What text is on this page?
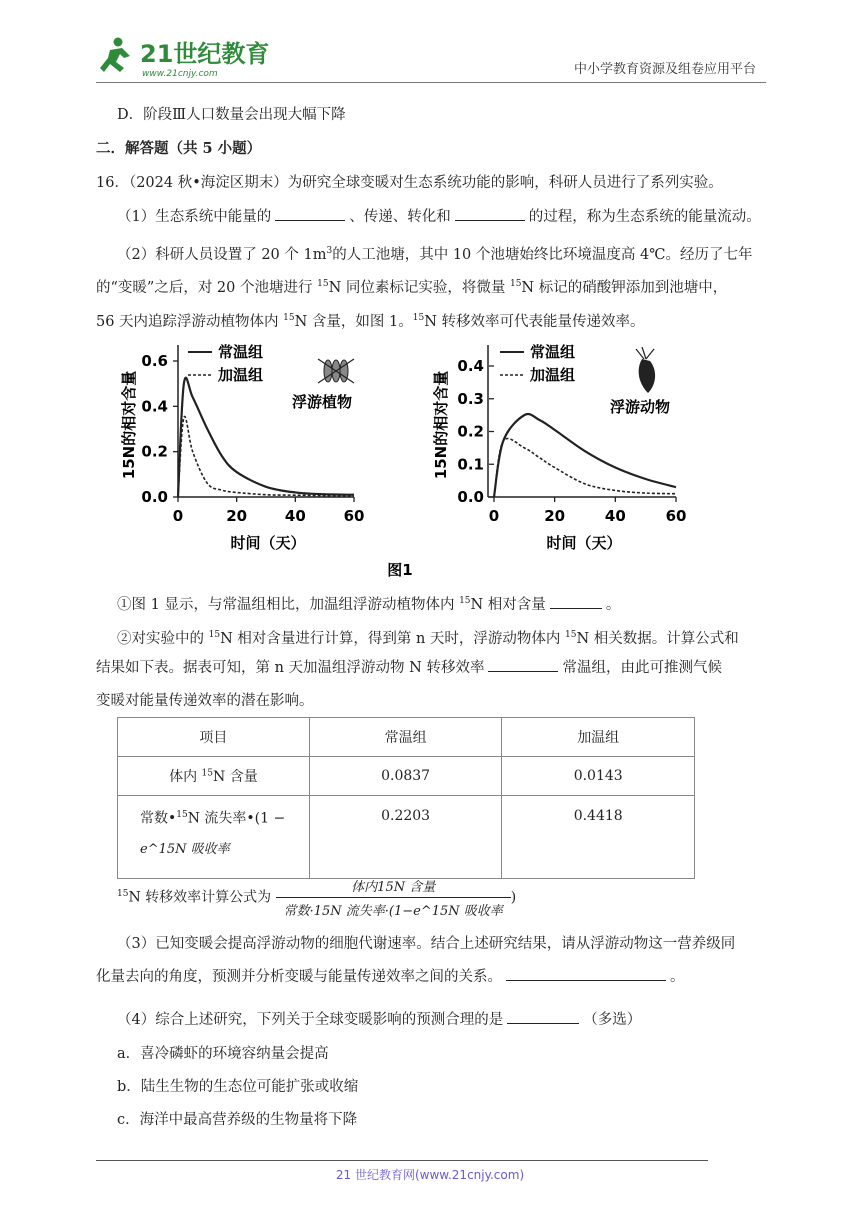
21世纪教育
www.21cnjy.com	中小学教育资源及组卷应用平台
D．阶段Ⅲ人口数量会出现大幅下降
二．解答题（共 5 小题）
16．（2024 秋•海淀区期末）为研究全球变暖对生态系统功能的影响，科研人员进行了系列实验。
（1）生态系统中能量的	、传递、转化和	的过程，称为生态系统的能量流动。
（2）科研人员设置了 20 个 $1m^3$的人工池塘，其中 10 个池塘始终比环境温度高 4℃。经历了七年
的“变暖”之后，对 20 个池塘进行 $^{15}$N 同位素标记实验，将微量 $^{15}$N 标记的硝酸钾添加到池塘中，
56 天内追踪浮游动植物体内 $^{15}$N 含量，如图 1。$^{15}$N 转移效率可代表能量传递效率。
15N的相对含量
0.0
0.2
0.4
0.6
0	20	40	60
时间（天）
常温组
加温组
浮游植物	15N的相对含量
0.0
0.1
0.2
0.3
0.4
0	20	40	60
时间（天）
常温组
加温组
浮游动物
图1
①图 1 显示，与常温组相比，加温组浮游动植物体内 $^{15}$N 相对含量	。
②对实验中的 $^{15}$N 相对含量进行计算，得到第 n 天时，浮游动物体内 $^{15}$N 相关数据。计算公式和
结果如下表。据表可知，第 n 天加温组浮游动物 N 转移效率	常温组，由此可推测气候
变暖对能量传递效率的潜在影响。
项目	常温组	加温组
体内 $^{15}$N 含量	0.0837	0.0143
常数•$^{15}$N 流失率•(1 −
e^15N 吸收率	0.2203	0.4418
$^{15}$N 转移效率计算公式为 $\frac{\text{体内15N 含量}}{\text{常数·15N 流失率·(1−e\textasciicircum{}15N 吸收率}}$ )
（3）已知变暖会提高浮游动物的细胞代谢速率。结合上述研究结果，请从浮游动物这一营养级同
化量去向的角度，预测并分析变暖与能量传递效率之间的关系。	。
（4）综合上述研究，下列关于全球变暖影响的预测合理的是	（多选）
a．喜冷磷虾的环境容纳量会提高
b．陆生生物的生态位可能扩张或收缩
c．海洋中最高营养级的生物量将下降
21 世纪教育网(www.21cnjy.com)
